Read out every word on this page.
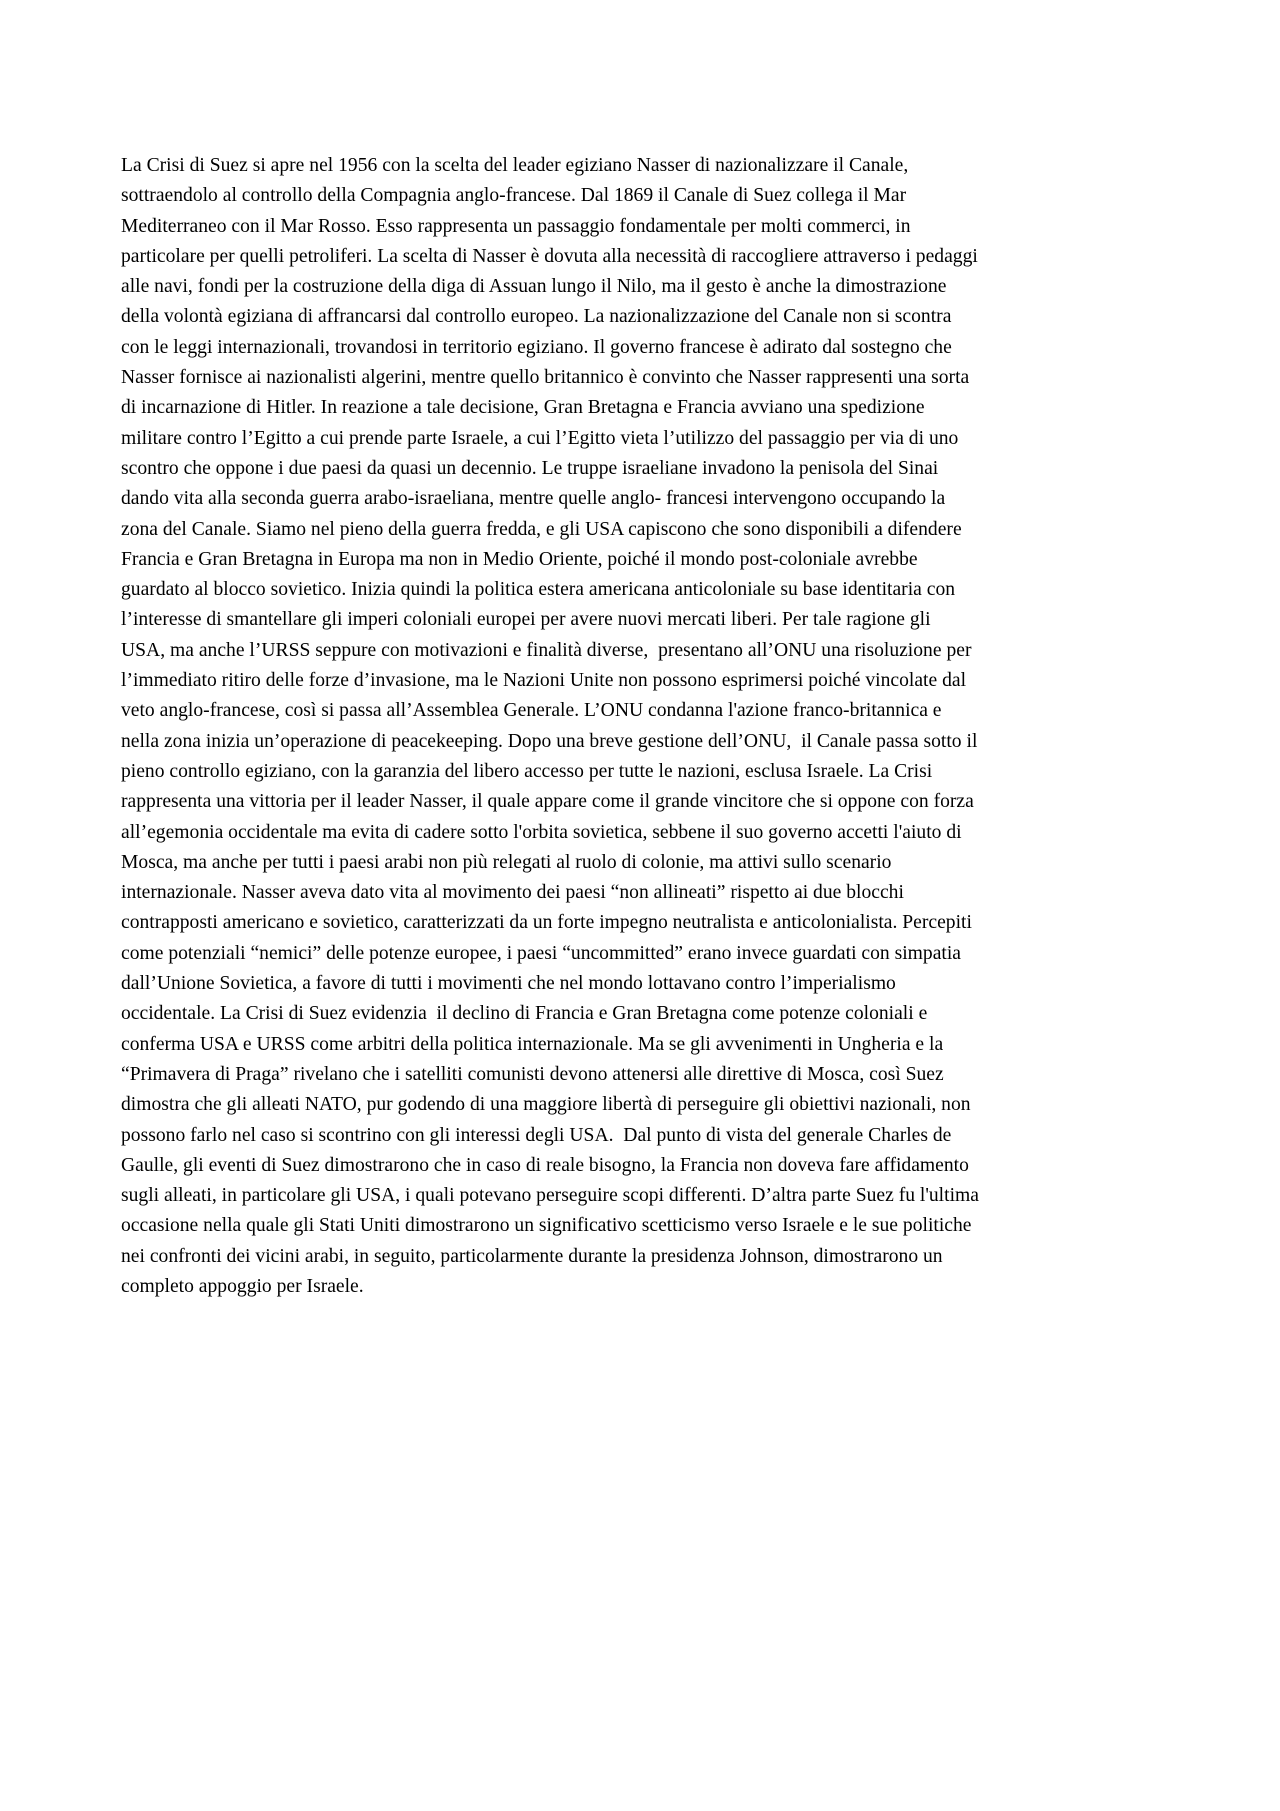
La Crisi di Suez si apre nel 1956 con la scelta del leader egiziano Nasser di nazionalizzare il Canale,
sottraendolo al controllo della Compagnia anglo-francese. Dal 1869 il Canale di Suez collega il Mar
Mediterraneo con il Mar Rosso. Esso rappresenta un passaggio fondamentale per molti commerci, in
particolare per quelli petroliferi. La scelta di Nasser è dovuta alla necessità di raccogliere attraverso i pedaggi
alle navi, fondi per la costruzione della diga di Assuan lungo il Nilo, ma il gesto è anche la dimostrazione
della volontà egiziana di affrancarsi dal controllo europeo. La nazionalizzazione del Canale non si scontra
con le leggi internazionali, trovandosi in territorio egiziano. Il governo francese è adirato dal sostegno che
Nasser fornisce ai nazionalisti algerini, mentre quello britannico è convinto che Nasser rappresenti una sorta
di incarnazione di Hitler. In reazione a tale decisione, Gran Bretagna e Francia avviano una spedizione
militare contro l’Egitto a cui prende parte Israele, a cui l’Egitto vieta l’utilizzo del passaggio per via di uno
scontro che oppone i due paesi da quasi un decennio. Le truppe israeliane invadono la penisola del Sinai
dando vita alla seconda guerra arabo-israeliana, mentre quelle anglo- francesi intervengono occupando la
zona del Canale. Siamo nel pieno della guerra fredda, e gli USA capiscono che sono disponibili a difendere
Francia e Gran Bretagna in Europa ma non in Medio Oriente, poiché il mondo post-coloniale avrebbe
guardato al blocco sovietico. Inizia quindi la politica estera americana anticoloniale su base identitaria con
l’interesse di smantellare gli imperi coloniali europei per avere nuovi mercati liberi. Per tale ragione gli
USA, ma anche l’URSS seppure con motivazioni e finalità diverse,  presentano all’ONU una risoluzione per
l’immediato ritiro delle forze d’invasione, ma le Nazioni Unite non possono esprimersi poiché vincolate dal
veto anglo-francese, così si passa all’Assemblea Generale. L’ONU condanna l'azione franco-britannica e
nella zona inizia un’operazione di peacekeeping. Dopo una breve gestione dell’ONU,  il Canale passa sotto il
pieno controllo egiziano, con la garanzia del libero accesso per tutte le nazioni, esclusa Israele. La Crisi
rappresenta una vittoria per il leader Nasser, il quale appare come il grande vincitore che si oppone con forza
all’egemonia occidentale ma evita di cadere sotto l'orbita sovietica, sebbene il suo governo accetti l'aiuto di
Mosca, ma anche per tutti i paesi arabi non più relegati al ruolo di colonie, ma attivi sullo scenario
internazionale. Nasser aveva dato vita al movimento dei paesi “non allineati” rispetto ai due blocchi
contrapposti americano e sovietico, caratterizzati da un forte impegno neutralista e anticolonialista. Percepiti
come potenziali “nemici” delle potenze europee, i paesi “uncommitted” erano invece guardati con simpatia
dall’Unione Sovietica, a favore di tutti i movimenti che nel mondo lottavano contro l’imperialismo
occidentale. La Crisi di Suez evidenzia  il declino di Francia e Gran Bretagna come potenze coloniali e
conferma USA e URSS come arbitri della politica internazionale. Ma se gli avvenimenti in Ungheria e la
“Primavera di Praga” rivelano che i satelliti comunisti devono attenersi alle direttive di Mosca, così Suez
dimostra che gli alleati NATO, pur godendo di una maggiore libertà di perseguire gli obiettivi nazionali, non
possono farlo nel caso si scontrino con gli interessi degli USA.  Dal punto di vista del generale Charles de
Gaulle, gli eventi di Suez dimostrarono che in caso di reale bisogno, la Francia non doveva fare affidamento
sugli alleati, in particolare gli USA, i quali potevano perseguire scopi differenti. D’altra parte Suez fu l'ultima
occasione nella quale gli Stati Uniti dimostrarono un significativo scetticismo verso Israele e le sue politiche
nei confronti dei vicini arabi, in seguito, particolarmente durante la presidenza Johnson, dimostrarono un
completo appoggio per Israele.
